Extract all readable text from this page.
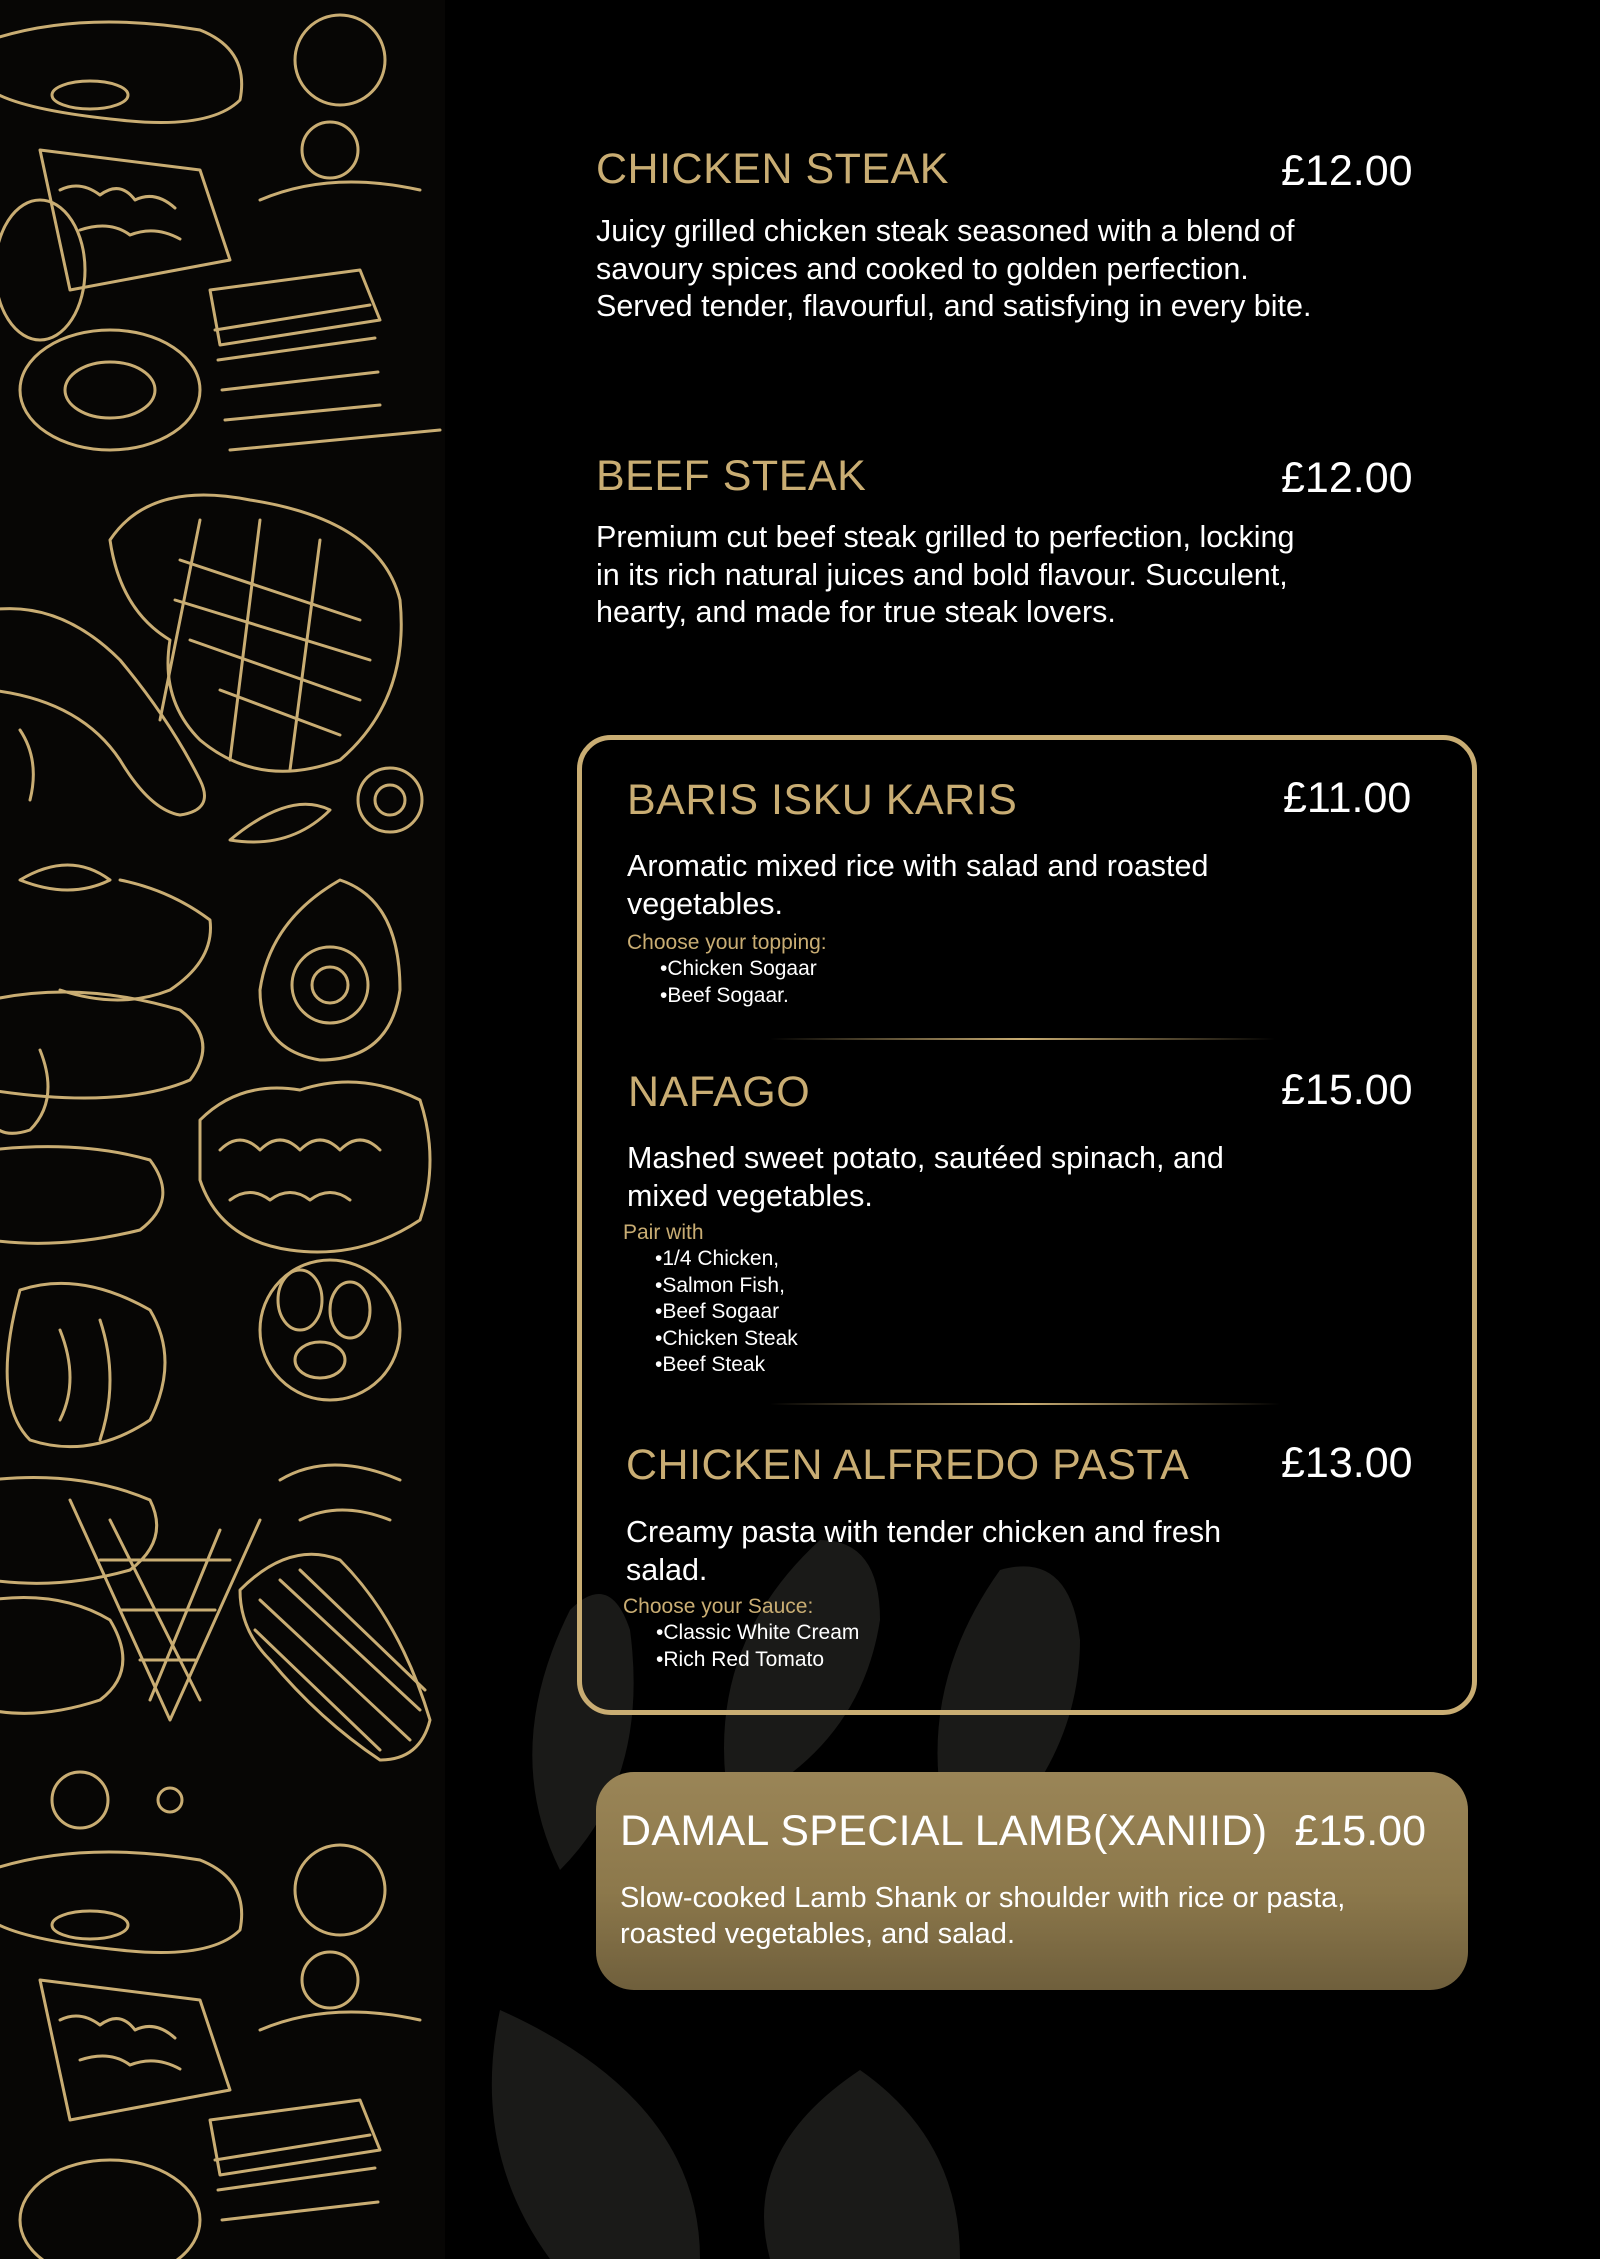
CHICKEN STEAK	£12.00

Juicy grilled chicken steak seasoned with a blend of savoury spices and cooked to golden perfection. Served tender, flavourful, and satisfying in every bite.

BEEF STEAK	£12.00

Premium cut beef steak grilled to perfection, locking in its rich natural juices and bold flavour. Succulent, hearty, and made for true steak lovers.

BARIS ISKU KARIS	£11.00

Aromatic mixed rice with salad and roasted vegetables.

Choose your topping:
• Chicken Sogaar
• Beef Sogaar.
NAFAGO	£15.00

Mashed sweet potato, sautéed spinach, and mixed vegetables.

Pair with
• 1/4 Chicken,
• Salmon Fish,
• Beef Sogaar
• Chicken Steak
• Beef Steak
CHICKEN ALFREDO PASTA £13.00

Creamy pasta with tender chicken and fresh salad.

Choose your Sauce:
• Classic White Cream
• Rich Red Tomato
DAMAL SPECIAL LAMB(XANIID) £15.00

Slow-cooked Lamb Shank or shoulder with rice or pasta, roasted vegetables, and salad.
